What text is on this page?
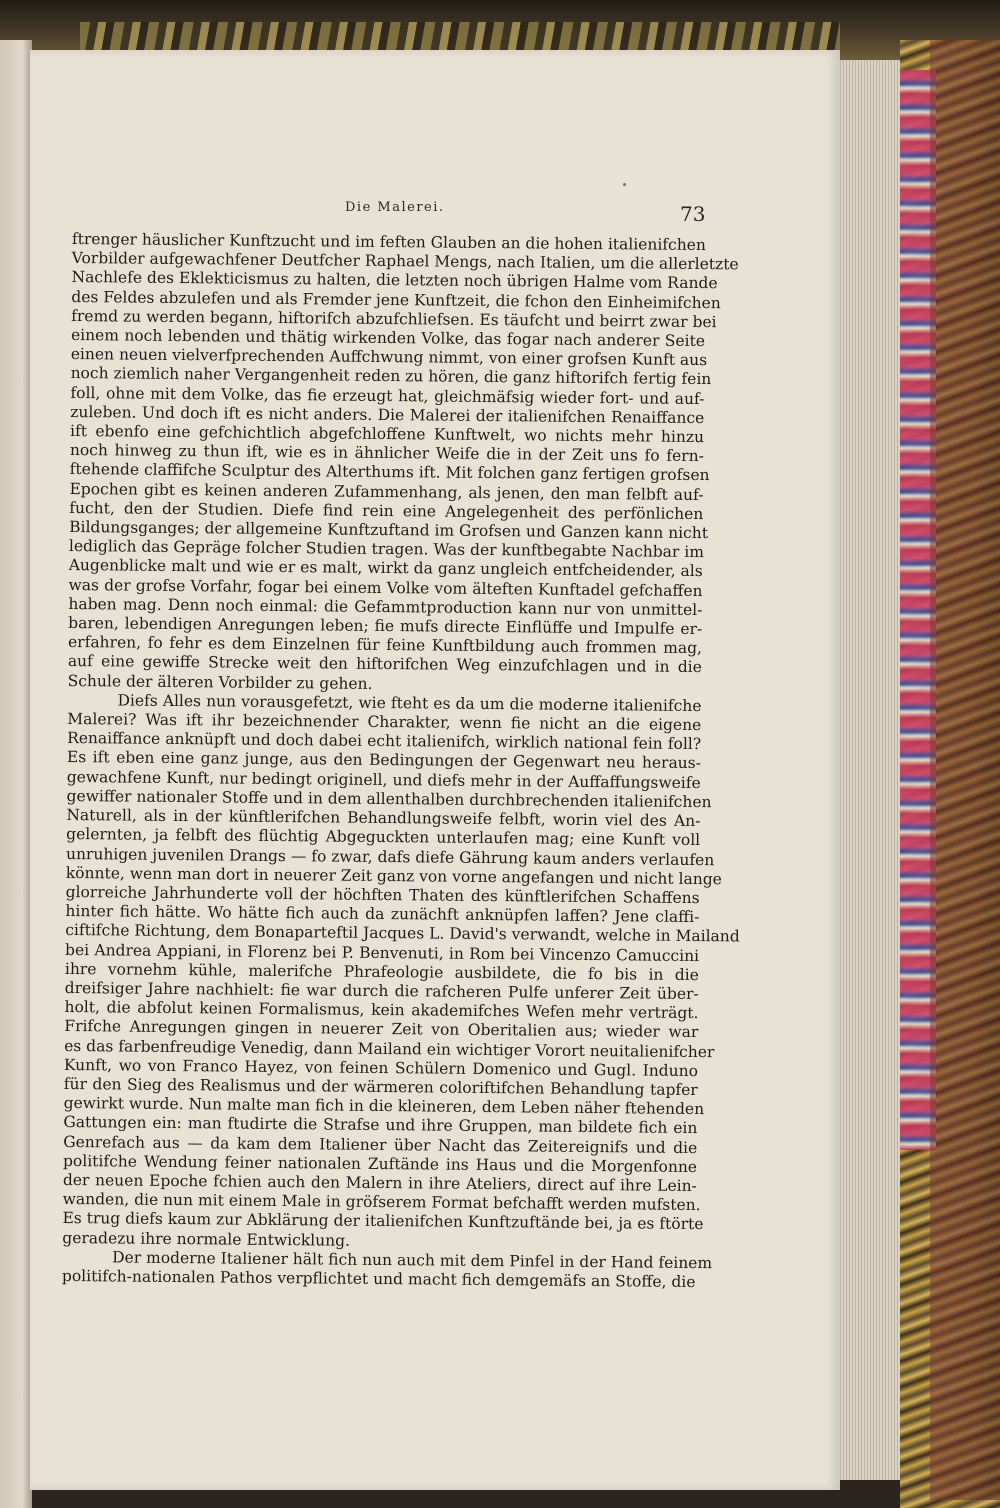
Die Malerei.	73
ftrenger häuslicher Kunftzucht und im feften Glauben an die hohen italienifchen
Vorbilder aufgewachfener Deutfcher Raphael Mengs, nach Italien, um die allerletzte
Nachlefe des Eklekticismus zu halten, die letzten noch übrigen Halme vom Rande
des Feldes abzulefen und als Fremder jene Kunftzeit, die fchon den Einheimifchen
fremd zu werden begann, hiftorifch abzufchliefsen. Es täufcht und beirrt zwar bei
einem noch lebenden und thätig wirkenden Volke, das fogar nach anderer Seite
einen neuen vielverfprechenden Auffchwung nimmt, von einer grofsen Kunft aus
noch ziemlich naher Vergangenheit reden zu hören, die ganz hiftorifch fertig fein
foll, ohne mit dem Volke, das fie erzeugt hat, gleichmäfsig wieder fort- und auf-
zuleben. Und doch ift es nicht anders. Die Malerei der italienifchen Renaiffance
ift ebenfo eine gefchichtlich abgefchloffene Kunftwelt, wo nichts mehr hinzu
noch hinweg zu thun ift, wie es in ähnlicher Weife die in der Zeit uns fo fern-
ftehende claffifche Sculptur des Alterthums ift. Mit folchen ganz fertigen grofsen
Epochen gibt es keinen anderen Zufammenhang, als jenen, den man felbft auf-
fucht, den der Studien. Diefe find rein eine Angelegenheit des perfönlichen
Bildungsganges; der allgemeine Kunftzuftand im Grofsen und Ganzen kann nicht
lediglich das Gepräge folcher Studien tragen. Was der kunftbegabte Nachbar im
Augenblicke malt und wie er es malt, wirkt da ganz ungleich entfcheidender, als
was der grofse Vorfahr, fogar bei einem Volke vom älteften Kunftadel gefchaffen
haben mag. Denn noch einmal: die Gefammtproduction kann nur von unmittel-
baren, lebendigen Anregungen leben; fie mufs directe Einflüffe und Impulfe er-
erfahren, fo fehr es dem Einzelnen für feine Kunftbildung auch frommen mag,
auf eine gewiffe Strecke weit den hiftorifchen Weg einzufchlagen und in die
Schule der älteren Vorbilder zu gehen.
Diefs Alles nun vorausgefetzt, wie fteht es da um die moderne italienifche
Malerei? Was ift ihr bezeichnender Charakter, wenn fie nicht an die eigene
Renaiffance anknüpft und doch dabei echt italienifch, wirklich national fein foll?
Es ift eben eine ganz junge, aus den Bedingungen der Gegenwart neu heraus-
gewachfene Kunft, nur bedingt originell, und diefs mehr in der Auffaffungsweife
gewiffer nationaler Stoffe und in dem allenthalben durchbrechenden italienifchen
Naturell, als in der künftlerifchen Behandlungsweife felbft, worin viel des An-
gelernten, ja felbft des flüchtig Abgeguckten unterlaufen mag; eine Kunft voll
unruhigen juvenilen Drangs — fo zwar, dafs diefe Gährung kaum anders verlaufen
könnte, wenn man dort in neuerer Zeit ganz von vorne angefangen und nicht lange
glorreiche Jahrhunderte voll der höchften Thaten des künftlerifchen Schaffens
hinter fich hätte. Wo hätte fich auch da zunächft anknüpfen laffen? Jene claffi-
ciftifche Richtung, dem Bonaparteftil Jacques L. David's verwandt, welche in Mailand
bei Andrea Appiani, in Florenz bei P. Benvenuti, in Rom bei Vincenzo Camuccini
ihre vornehm kühle, malerifche Phrafeologie ausbildete, die fo bis in die
dreifsiger Jahre nachhielt: fie war durch die rafcheren Pulfe unferer Zeit über-
holt, die abfolut keinen Formalismus, kein akademifches Wefen mehr verträgt.
Frifche Anregungen gingen in neuerer Zeit von Oberitalien aus; wieder war
es das farbenfreudige Venedig, dann Mailand ein wichtiger Vorort neuitalienifcher
Kunft, wo von Franco Hayez, von feinen Schülern Domenico und Gugl. Induno
für den Sieg des Realismus und der wärmeren coloriftifchen Behandlung tapfer
gewirkt wurde. Nun malte man fich in die kleineren, dem Leben näher ftehenden
Gattungen ein: man ftudirte die Strafse und ihre Gruppen, man bildete fich ein
Genrefach aus — da kam dem Italiener über Nacht das Zeitereignifs und die
politifche Wendung feiner nationalen Zuftände ins Haus und die Morgenfonne
der neuen Epoche fchien auch den Malern in ihre Ateliers, direct auf ihre Lein-
wanden, die nun mit einem Male in gröfserem Format befchafft werden mufsten.
Es trug diefs kaum zur Abklärung der italienifchen Kunftzuftände bei, ja es ftörte
geradezu ihre normale Entwicklung.
Der moderne Italiener hält fich nun auch mit dem Pinfel in der Hand feinem
politifch-nationalen Pathos verpflichtet und macht fich demgemäfs an Stoffe, die
